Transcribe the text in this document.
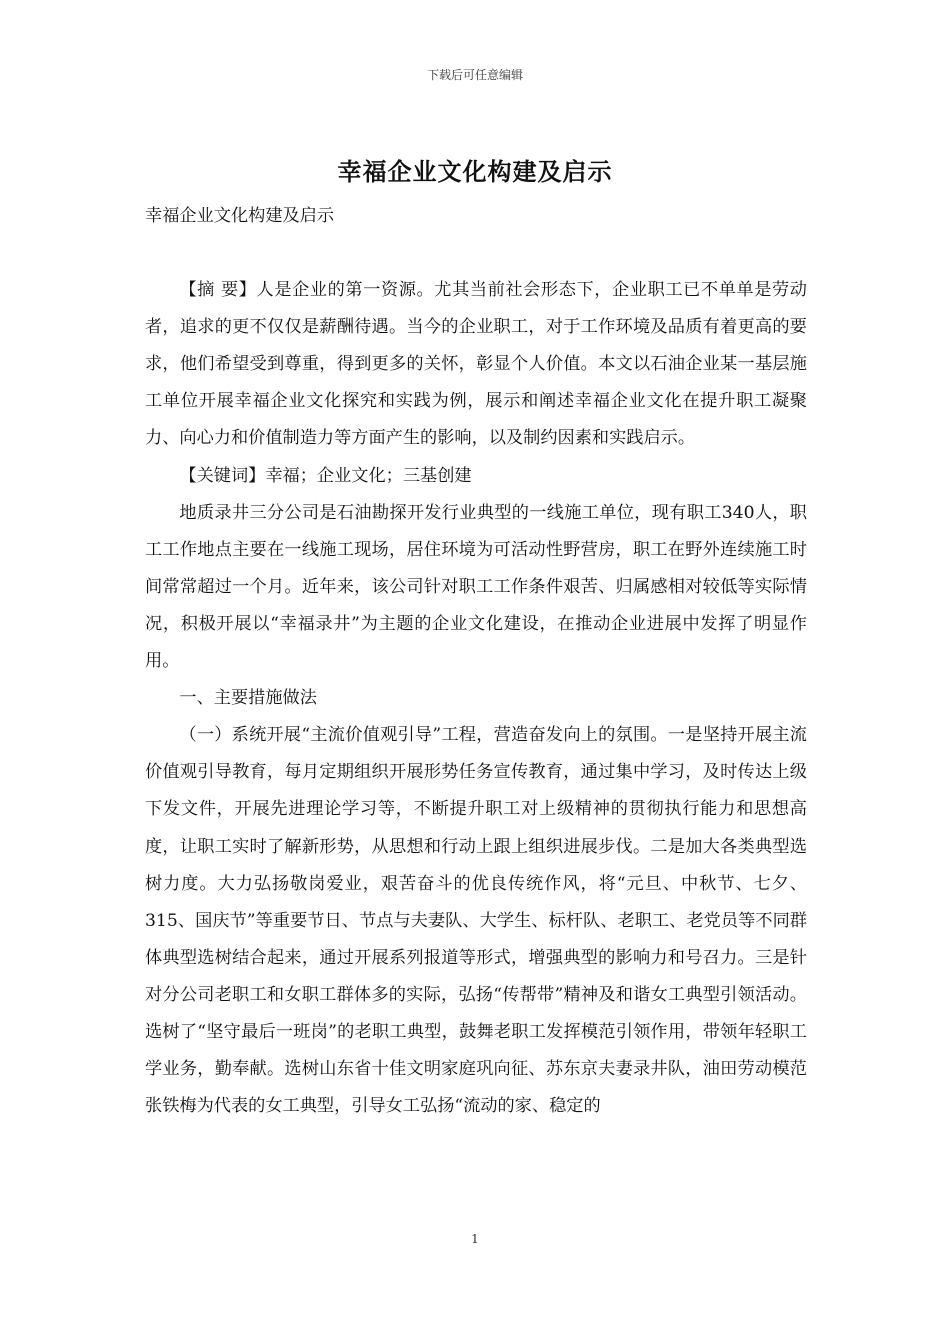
下载后可任意编辑
幸福企业文化构建及启示

幸福企业文化构建及启示

【摘 要】人是企业的第一资源。尤其当前社会形态下，企业职工已不单单是劳动者，追求的更不仅仅是薪酬待遇。当今的企业职工，对于工作环境及品质有着更高的要求，他们希望受到尊重，得到更多的关怀，彰显个人价值。本文以石油企业某一基层施工单位开展幸福企业文化探究和实践为例，展示和阐述幸福企业文化在提升职工凝聚力、向心力和价值制造力等方面产生的影响，以及制约因素和实践启示。

【关键词】幸福；企业文化；三基创建

地质录井三分公司是石油勘探开发行业典型的一线施工单位，现有职工340人，职工工作地点主要在一线施工现场，居住环境为可活动性野营房，职工在野外连续施工时间常常超过一个月。近年来，该公司针对职工工作条件艰苦、归属感相对较低等实际情况，积极开展以“幸福录井”为主题的企业文化建设，在推动企业进展中发挥了明显作用。

一、主要措施做法

（一）系统开展“主流价值观引导”工程，营造奋发向上的氛围。一是坚持开展主流价值观引导教育，每月定期组织开展形势任务宣传教育，通过集中学习，及时传达上级下发文件，开展先进理论学习等，不断提升职工对上级精神的贯彻执行能力和思想高度，让职工实时了解新形势，从思想和行动上跟上组织进展步伐。二是加大各类典型选树力度。大力弘扬敬岗爱业，艰苦奋斗的优良传统作风，将“元旦、中秋节、七夕、315、国庆节”等重要节日、节点与夫妻队、大学生、标杆队、老职工、老党员等不同群体典型选树结合起来，通过开展系列报道等形式，增强典型的影响力和号召力。三是针对分公司老职工和女职工群体多的实际，弘扬“传帮带”精神及和谐女工典型引领活动。选树了“坚守最后一班岗”的老职工典型，鼓舞老职工发挥模范引领作用，带领年轻职工学业务，勤奉献。选树山东省十佳文明家庭巩向征、苏东京夫妻录井队，油田劳动模范张铁梅为代表的女工典型，引导女工弘扬“流动的家、稳定的

1
